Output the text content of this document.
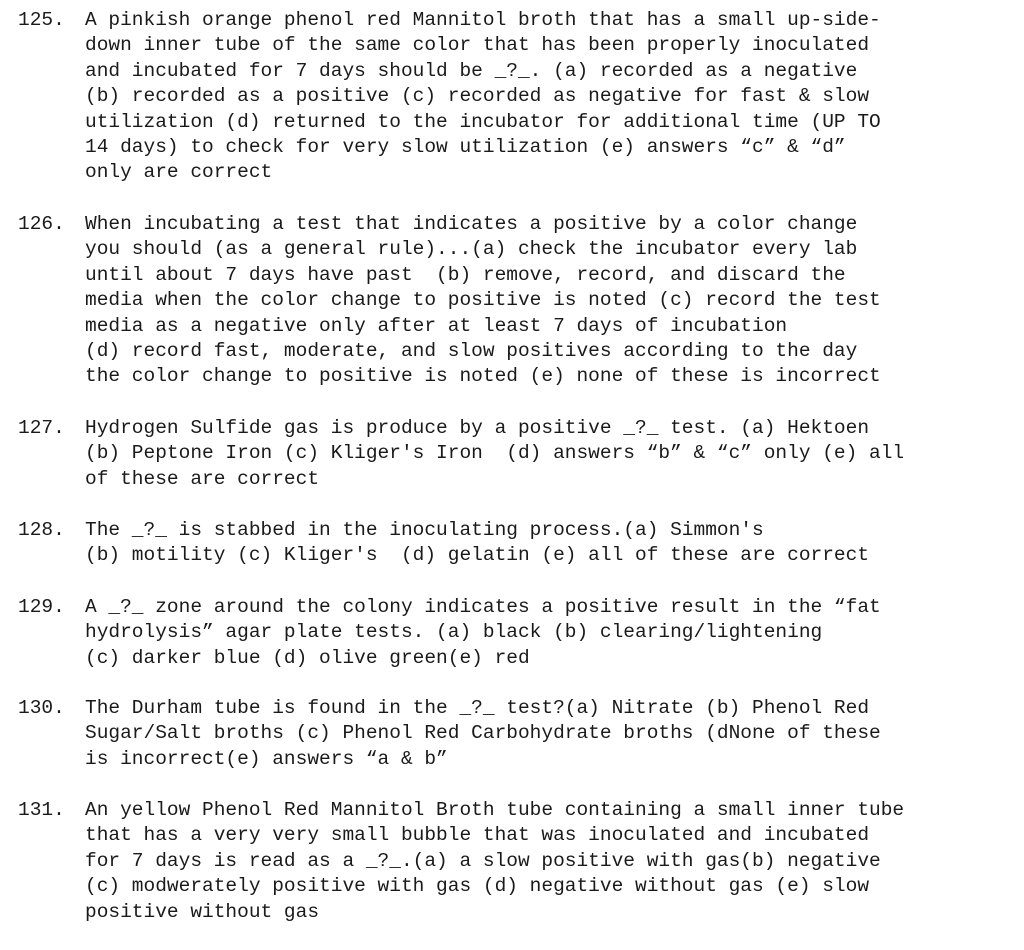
125.	A pinkish orange phenol red Mannitol broth that has a small up-side-
down inner tube of the same color that has been properly inoculated
and incubated for 7 days should be _?_. (a) recorded as a negative
(b) recorded as a positive (c) recorded as negative for fast & slow
utilization (d) returned to the incubator for additional time (UP TO
14 days) to check for very slow utilization (e) answers “c” & “d”
only are correct
126.	When incubating a test that indicates a positive by a color change
you should (as a general rule)...(a) check the incubator every lab
until about 7 days have past  (b) remove, record, and discard the
media when the color change to positive is noted (c) record the test
media as a negative only after at least 7 days of incubation
(d) record fast, moderate, and slow positives according to the day
the color change to positive is noted (e) none of these is incorrect
127.	Hydrogen Sulfide gas is produce by a positive _?_ test. (a) Hektoen
(b) Peptone Iron (c) Kliger's Iron  (d) answers “b” & “c” only (e) all
of these are correct
128.	The _?_ is stabbed in the inoculating process.(a) Simmon's
(b) motility (c) Kliger's  (d) gelatin (e) all of these are correct
129.	A _?_ zone around the colony indicates a positive result in the “fat
hydrolysis” agar plate tests. (a) black (b) clearing/lightening
(c) darker blue (d) olive green(e) red
130.	The Durham tube is found in the _?_ test?(a) Nitrate (b) Phenol Red
Sugar/Salt broths (c) Phenol Red Carbohydrate broths (dNone of these
is incorrect(e) answers “a & b”
131.	An yellow Phenol Red Mannitol Broth tube containing a small inner tube
that has a very very small bubble that was inoculated and incubated
for 7 days is read as a _?_.(a) a slow positive with gas(b) negative
(c) modwerately positive with gas (d) negative without gas (e) slow
positive without gas
